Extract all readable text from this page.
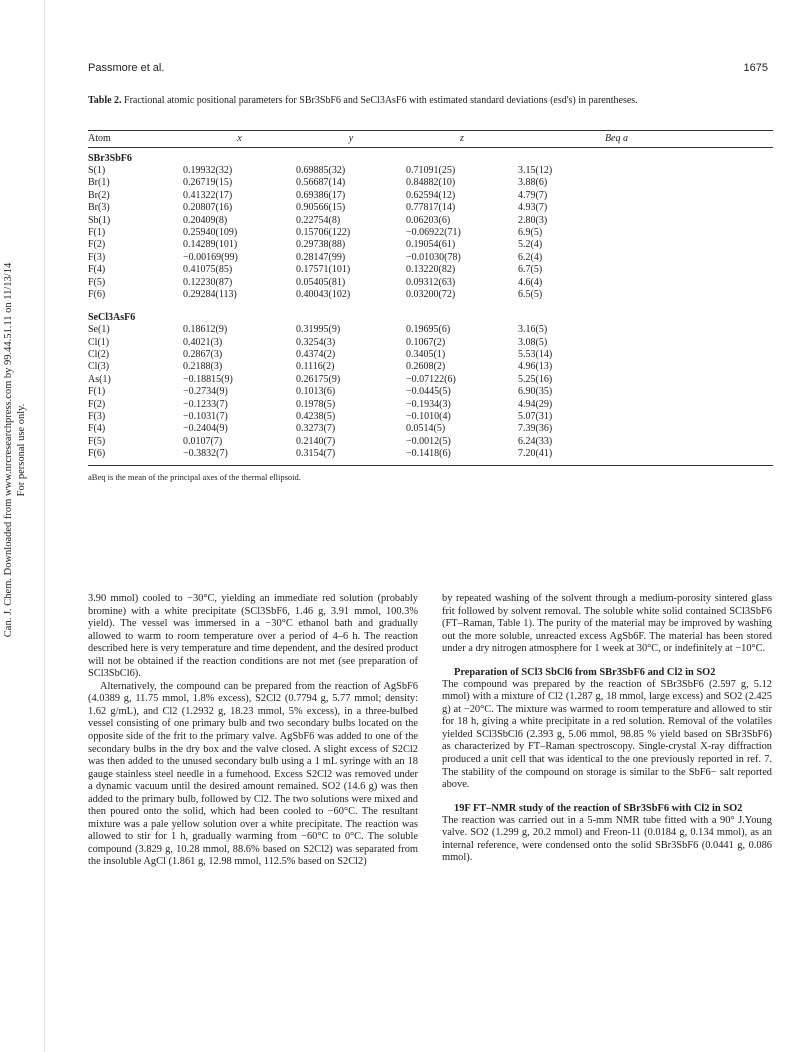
Passmore et al.	1675
Can. J. Chem. Downloaded from www.nrcresearchpress.com by 99.44.51.11 on 11/13/14 For personal use only.
Table 2. Fractional atomic positional parameters for SBr3SbF6 and SeCl3AsF6 with estimated standard deviations (esd's) in parentheses.
Atom	x	y	z	Beq a
SBr3SbF6
S(1)	0.19932(32)	0.69885(32)	0.71091(25)	3.15(12)
Br(1)	0.26719(15)	0.56687(14)	0.84882(10)	3.88(6)
Br(2)	0.41322(17)	0.69386(17)	0.62594(12)	4.79(7)
Br(3)	0.20807(16)	0.90566(15)	0.77817(14)	4.93(7)
Sb(1)	0.20409(8)	0.22754(8)	0.06203(6)	2.80(3)
F(1)	0.25940(109)	0.15706(122)	−0.06922(71)	6.9(5)
F(2)	0.14289(101)	0.29738(88)	0.19054(61)	5.2(4)
F(3)	−0.00169(99)	0.28147(99)	−0.01030(78)	6.2(4)
F(4)	0.41075(85)	0.17571(101)	0.13220(82)	6.7(5)
F(5)	0.12230(87)	0.05405(81)	0.09312(63)	4.6(4)
F(6)	0.29284(113)	0.40043(102)	0.03200(72)	6.5(5)
SeCl3AsF6
Se(1)	0.18612(9)	0.31995(9)	0.19695(6)	3.16(5)
Cl(1)	0.4021(3)	0.3254(3)	0.1067(2)	3.08(5)
Cl(2)	0.2867(3)	0.4374(2)	0.3405(1)	5.53(14)
Cl(3)	0.2188(3)	0.1116(2)	0.2608(2)	4.96(13)
As(1)	−0.18815(9)	0.26175(9)	−0.07122(6)	5.25(16)
F(1)	−0.2734(9)	0.1013(6)	−0.0445(5)	6.90(35)
F(2)	−0.1233(7)	0.1978(5)	−0.1934(3)	4.94(29)
F(3)	−0.1031(7)	0.4238(5)	−0.1010(4)	5.07(31)
F(4)	−0.2404(9)	0.3273(7)	0.0514(5)	7.39(36)
F(5)	0.0107(7)	0.2140(7)	−0.0012(5)	6.24(33)
F(6)	−0.3832(7)	0.3154(7)	−0.1418(6)	7.20(41)
aBeq is the mean of the principal axes of the thermal ellipsoid.

3.90 mmol) cooled to −30°C, yielding an immediate red solution (probably bromine) with a white precipitate (SCl3SbF6, 1.46 g, 3.91 mmol, 100.3% yield). The vessel was immersed in a −30°C ethanol bath and gradually allowed to warm to room temperature over a period of 4–6 h. The reaction described here is very temperature and time dependent, and the desired product will not be obtained if the reaction conditions are not met (see preparation of SCl3SbCl6).

Alternatively, the compound can be prepared from the reaction of AgSbF6 (4.0389 g, 11.75 mmol, 1.8% excess), S2Cl2 (0.7794 g, 5.77 mmol; density: 1.62 g/mL), and Cl2 (1.2932 g, 18.23 mmol, 5% excess), in a three-bulbed vessel consisting of one primary bulb and two secondary bulbs located on the opposite side of the frit to the primary valve. AgSbF6 was added to one of the secondary bulbs in the dry box and the valve closed. A slight excess of S2Cl2 was then added to the unused secondary bulb using a 1 mL syringe with an 18 gauge stainless steel needle in a fumehood. Excess S2Cl2 was removed under a dynamic vacuum until the desired amount remained. SO2 (14.6 g) was then added to the primary bulb, followed by Cl2. The two solutions were mixed and then poured onto the solid, which had been cooled to −60°C. The resultant mixture was a pale yellow solution over a white precipitate. The reaction was allowed to stir for 1 h, gradually warming from −60°C to 0°C. The soluble compound (3.829 g, 10.28 mmol, 88.6% based on S2Cl2) was separated from the insoluble AgCl (1.861 g, 12.98 mmol, 112.5% based on S2Cl2)

by repeated washing of the solvent through a medium-porosity sintered glass frit followed by solvent removal. The soluble white solid contained SCl3SbF6 (FT–Raman, Table 1). The purity of the material may be improved by washing out the more soluble, unreacted excess AgSb6F. The material has been stored under a dry nitrogen atmosphere for 1 week at 30°C, or indefinitely at −10°C.

Preparation of SCl3 SbCl6 from SBr3SbF6 and Cl2 in SO2

The compound was prepared by the reaction of SBr3SbF6 (2.597 g, 5.12 mmol) with a mixture of Cl2 (1.287 g, 18 mmol, large excess) and SO2 (2.425 g) at −20°C. The mixture was warmed to room temperature and allowed to stir for 18 h, giving a white precipitate in a red solution. Removal of the volatiles yielded SCl3SbCl6 (2.393 g, 5.06 mmol, 98.85 % yield based on SBr3SbF6) as characterized by FT–Raman spectroscopy. Single-crystal X-ray diffraction produced a unit cell that was identical to the one previously reported in ref. 7. The stability of the compound on storage is similar to the SbF6− salt reported above.

19F FT–NMR study of the reaction of SBr3SbF6 with Cl2 in SO2

The reaction was carried out in a 5-mm NMR tube fitted with a 90° J.Young valve. SO2 (1.299 g, 20.2 mmol) and Freon-11 (0.0184 g, 0.134 mmol), as an internal reference, were condensed onto the solid SBr3SbF6 (0.0441 g, 0.086 mmol).
